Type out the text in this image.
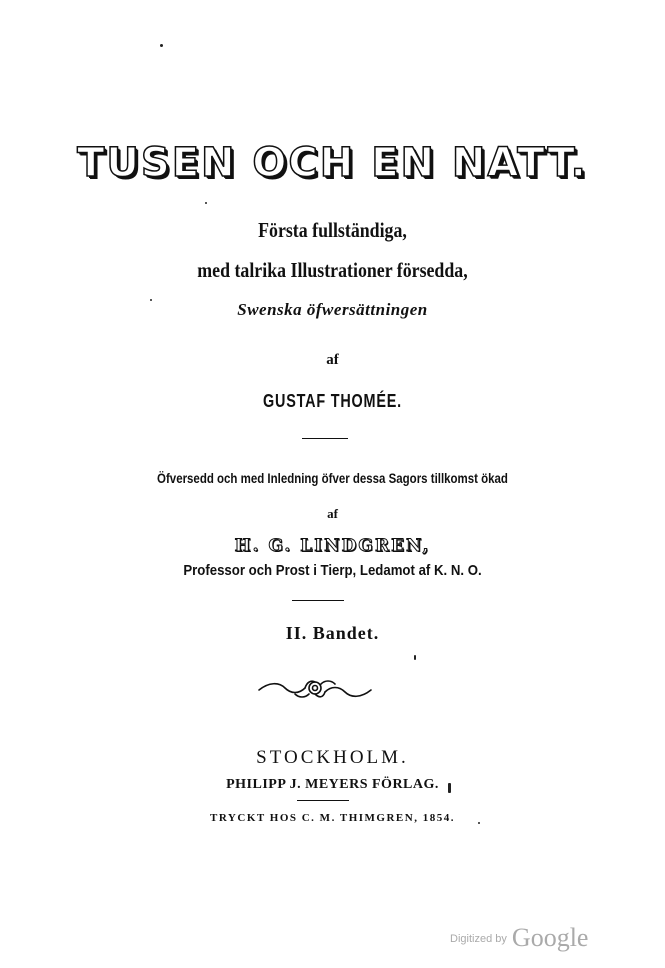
TUSEN OCH EN NATT.
Första fullständiga,
med talrika Illustrationer försedda,
Swenska öfwersättningen
af
GUSTAF THOMÉE.
Öfversedd och med Inledning öfver dessa Sagors tillkomst ökad
af
H. G. LINDGREN,
Professor och Prost i Tierp, Ledamot af K. N. O.
II. Bandet.
STOCKHOLM.
PHILIPP J. MEYERS FÖRLAG.
TRYCKT HOS C. M. THIMGREN, 1854.
Digitized by Google
